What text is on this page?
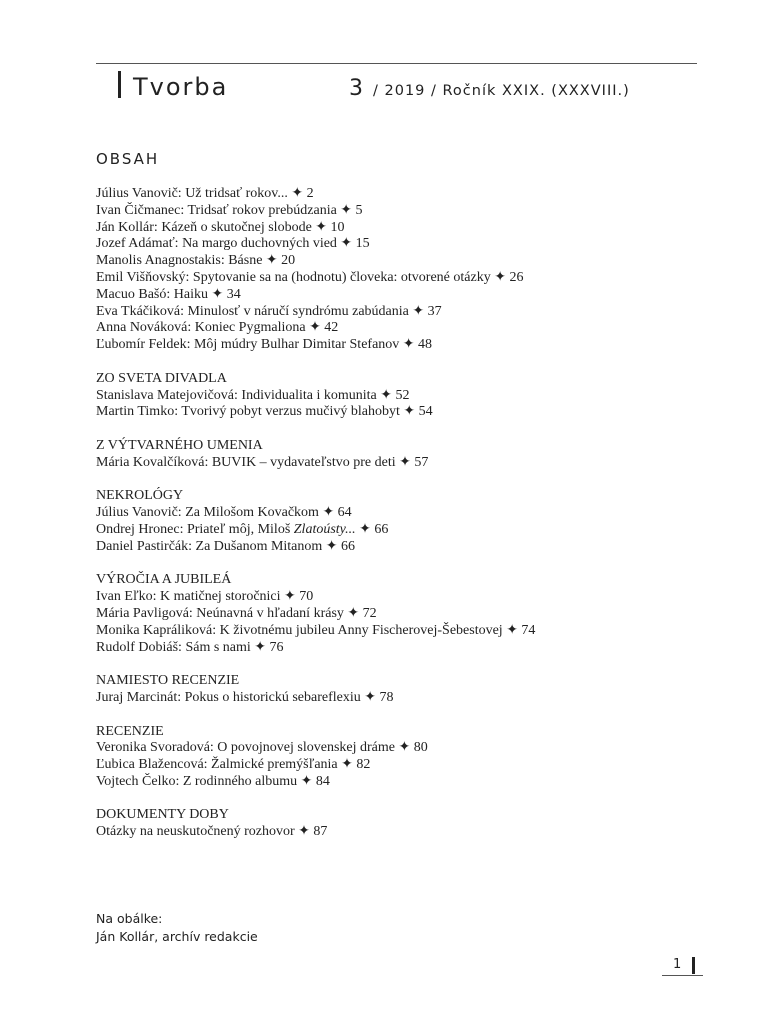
Tvorba	3 / 2019 / Ročník XXIX. (XXXVIII.)
OBSAH
Július Vanovič: Už tridsať rokov... ✦ 2
Ivan Čičmanec: Tridsať rokov prebúdzania ✦ 5
Ján Kollár: Kázeň o skutočnej slobode ✦ 10
Jozef Adámať: Na margo duchovných vied ✦ 15
Manolis Anagnostakis: Básne ✦ 20
Emil Višňovský: Spytovanie sa na (hodnotu) človeka: otvorené otázky ✦ 26
Macuo Bašó: Haiku ✦ 34
Eva Tkáčiková: Minulosť v náručí syndrómu zabúdania ✦ 37
Anna Nováková: Koniec Pygmaliona ✦ 42
Ľubomír Feldek: Môj múdry Bulhar Dimitar Stefanov ✦ 48
ZO SVETA DIVADLA
Stanislava Matejovičová: Individualita i komunita ✦ 52
Martin Timko: Tvorivý pobyt verzus mučivý blahobyt ✦ 54
Z VÝTVARNÉHO UMENIA
Mária Kovalčíková: BUVIK – vydavateľstvo pre deti ✦ 57
NEKROLÓGY
Július Vanovič: Za Milošom Kovačkom ✦ 64
Ondrej Hronec: Priateľ môj, Miloš Zlatoústy... ✦ 66
Daniel Pastirčák: Za Dušanom Mitanom ✦ 66
VÝROČIA A JUBILEÁ
Ivan Eľko: K matičnej storočnici ✦ 70
Mária Pavligová: Neúnavná v hľadaní krásy ✦ 72
Monika Kapráliková: K životnému jubileu Anny Fischerovej-Šebestovej ✦ 74
Rudolf Dobiáš: Sám s nami ✦ 76
NAMIESTO RECENZIE
Juraj Marcinát: Pokus o historickú sebareflexiu ✦ 78
RECENZIE
Veronika Svoradová: O povojnovej slovenskej dráme ✦ 80
Ľubica Blažencová: Žalmické premýšľania ✦ 82
Vojtech Čelko: Z rodinného albumu ✦ 84
DOKUMENTY DOBY
Otázky na neuskutočnený rozhovor ✦ 87
Na obálke:
Ján Kollár, archív redakcie
1
